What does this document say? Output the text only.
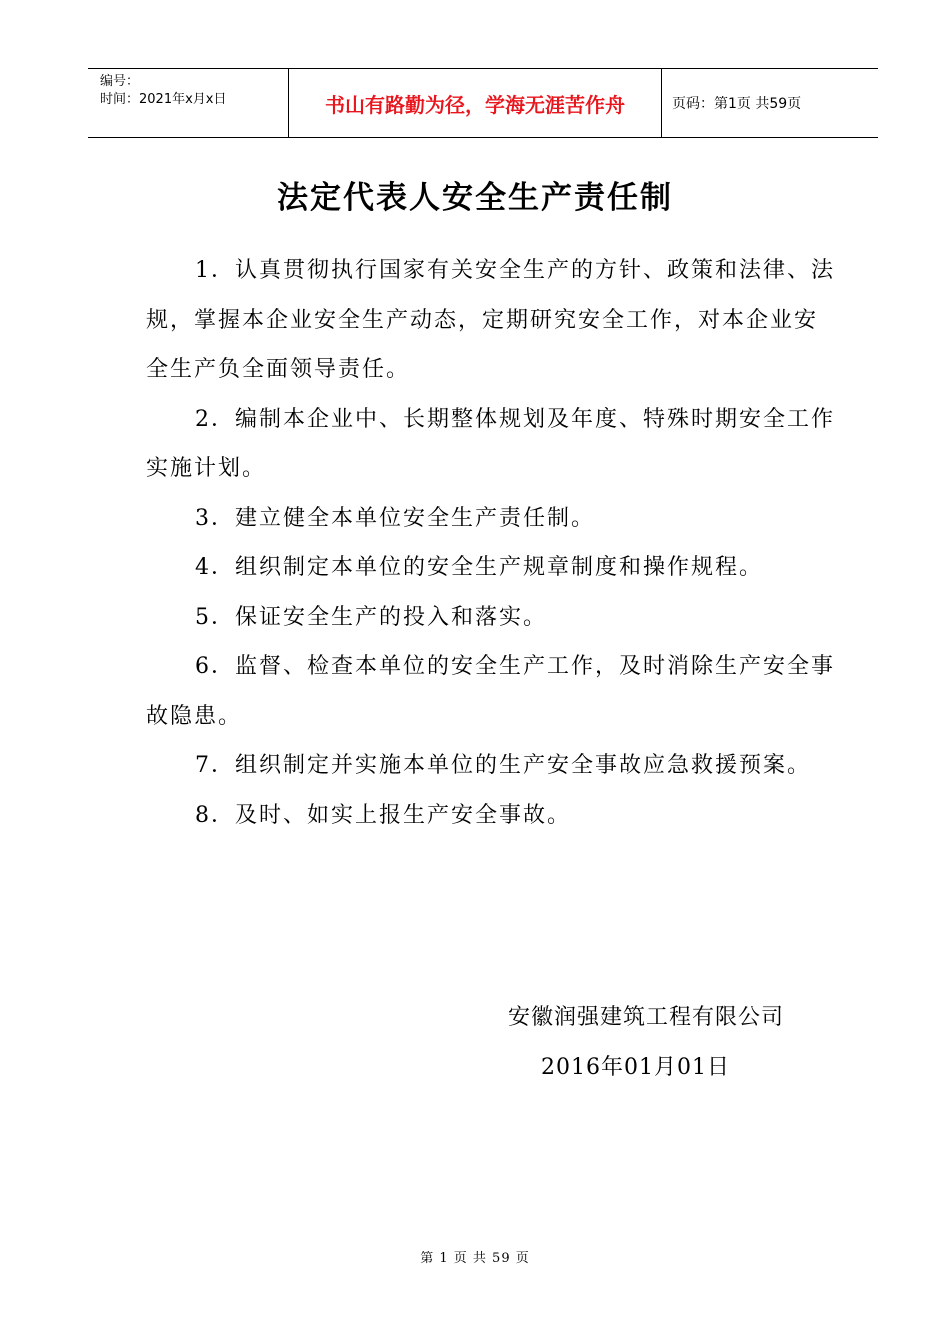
编号：
时间：2021年x月x日	书山有路勤为径，学海无涯苦作舟	页码：第1页 共59页
法定代表人安全生产责任制

1．认真贯彻执行国家有关安全生产的方针、政策和法律、法规，掌握本企业安全生产动态，定期研究安全工作，对本企业安全生产负全面领导责任。

2．编制本企业中、长期整体规划及年度、特殊时期安全工作实施计划。

3．建立健全本单位安全生产责任制。

4．组织制定本单位的安全生产规章制度和操作规程。

5．保证安全生产的投入和落实。

6．监督、检查本单位的安全生产工作，及时消除生产安全事故隐患。

7．组织制定并实施本单位的生产安全事故应急救援预案。

8．及时、如实上报生产安全事故。

安徽润强建筑工程有限公司
2016年01月01日
第 1 页 共 59 页
